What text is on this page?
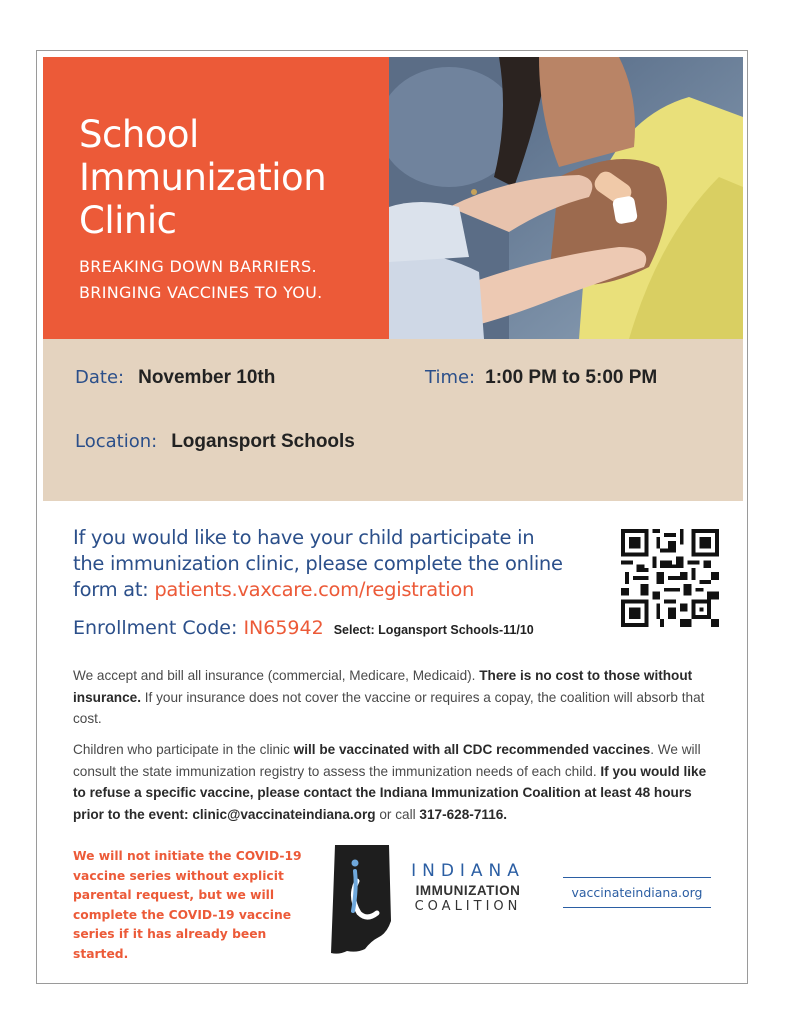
School
Immunization
Clinic
BREAKING DOWN BARRIERS.
BRINGING VACCINES TO YOU.
Date: November 10th	Time: 1:00 PM to 5:00 PM
Location: Logansport Schools
If you would like to have your child participate in
the immunization clinic, please complete the online
form at: patients.vaxcare.com/registration
Enrollment Code: IN65942 Select: Logansport Schools-11/10

We accept and bill all insurance (commercial, Medicare, Medicaid). There is no cost to those without insurance. If your insurance does not cover the vaccine or requires a copay, the coalition will absorb that cost.

Children who participate in the clinic will be vaccinated with all CDC recommended vaccines. We will consult the state immunization registry to assess the immunization needs of each child. If you would like to refuse a specific vaccine, please contact the Indiana Immunization Coalition at least 48 hours prior to the event: clinic@vaccinateindiana.org or call 317-628-7116.

We will not initiate the COVID-19 vaccine series without explicit parental request, but we will complete the COVID-19 vaccine series if it has already been started.

INDIANA
IMMUNIZATION
COALITION
vaccinateindiana.org
